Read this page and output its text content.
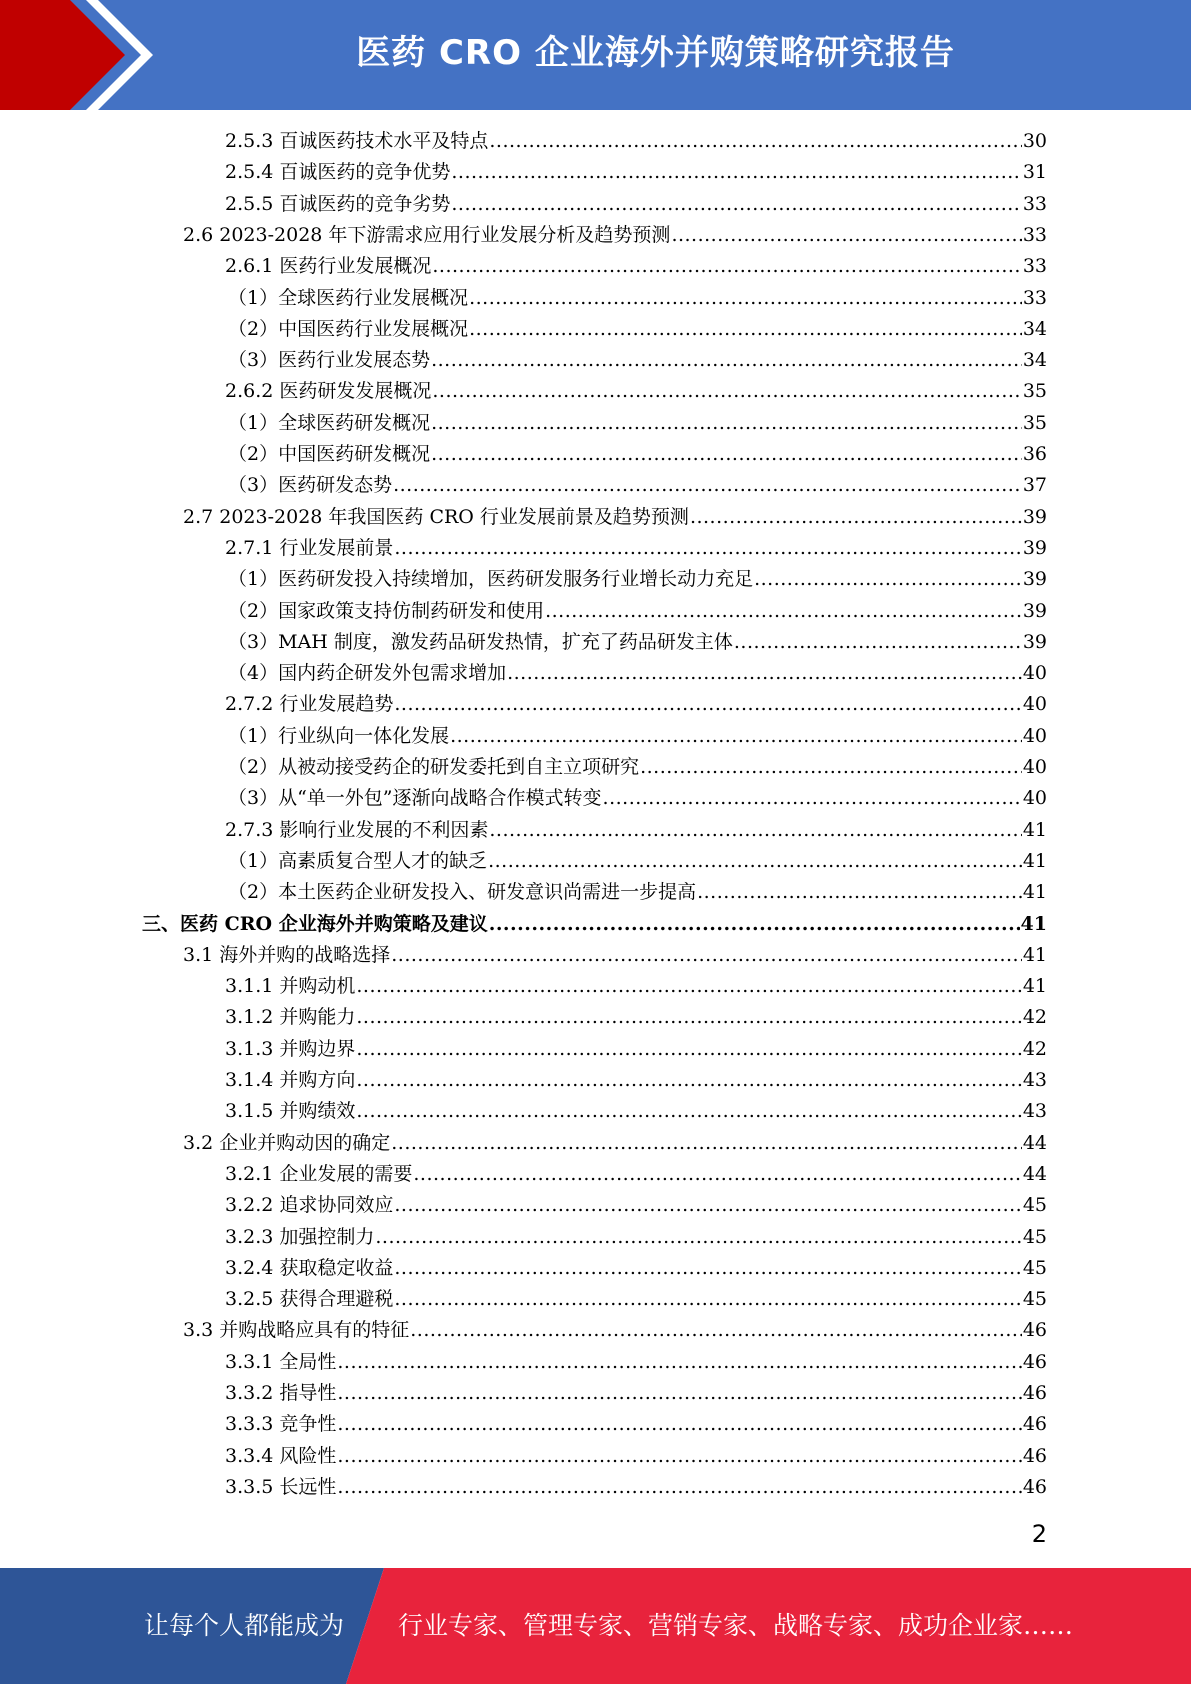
医药 CRO 企业海外并购策略研究报告
2.5.3 百诚医药技术水平及特点 .....	30
2.5.4 百诚医药的竞争优势 .....	31
2.5.5 百诚医药的竞争劣势 .....	33
2.6 2023-2028 年下游需求应用行业发展分析及趋势预测 .....	33
2.6.1 医药行业发展概况 .....	33
（1）全球医药行业发展概况 .....	33
（2）中国医药行业发展概况 .....	34
（3）医药行业发展态势 .....	34
2.6.2 医药研发发展概况 .....	35
（1）全球医药研发概况 .....	35
（2）中国医药研发概况 .....	36
（3）医药研发态势 .....	37
2.7 2023-2028 年我国医药 CRO 行业发展前景及趋势预测 .....	39
2.7.1 行业发展前景 .....	39
（1）医药研发投入持续增加，医药研发服务行业增长动力充足 .....	39
（2）国家政策支持仿制药研发和使用 .....	39
（3）MAH 制度，激发药品研发热情，扩充了药品研发主体 .....	39
（4）国内药企研发外包需求增加 .....	40
2.7.2 行业发展趋势 .....	40
（1）行业纵向一体化发展 .....	40
（2）从被动接受药企的研发委托到自主立项研究 .....	40
（3）从“单一外包”逐渐向战略合作模式转变 .....	40
2.7.3 影响行业发展的不利因素 .....	41
（1）高素质复合型人才的缺乏 .....	41
（2）本土医药企业研发投入、研发意识尚需进一步提高 .....	41
三、医药 CRO 企业海外并购策略及建议 .....	41
3.1 海外并购的战略选择 .....	41
3.1.1 并购动机 .....	41
3.1.2 并购能力 .....	42
3.1.3 并购边界 .....	42
3.1.4 并购方向 .....	43
3.1.5 并购绩效 .....	43
3.2 企业并购动因的确定 .....	44
3.2.1 企业发展的需要 .....	44
3.2.2 追求协同效应 .....	45
3.2.3 加强控制力 .....	45
3.2.4 获取稳定收益 .....	45
3.2.5 获得合理避税 .....	45
3.3 并购战略应具有的特征 .....	46
3.3.1 全局性 .....	46
3.3.2 指导性 .....	46
3.3.3 竞争性 .....	46
3.3.4 风险性 .....	46
3.3.5 长远性 .....	46
2
让每个人都能成为 行业专家、管理专家、营销专家、战略专家、成功企业家……
